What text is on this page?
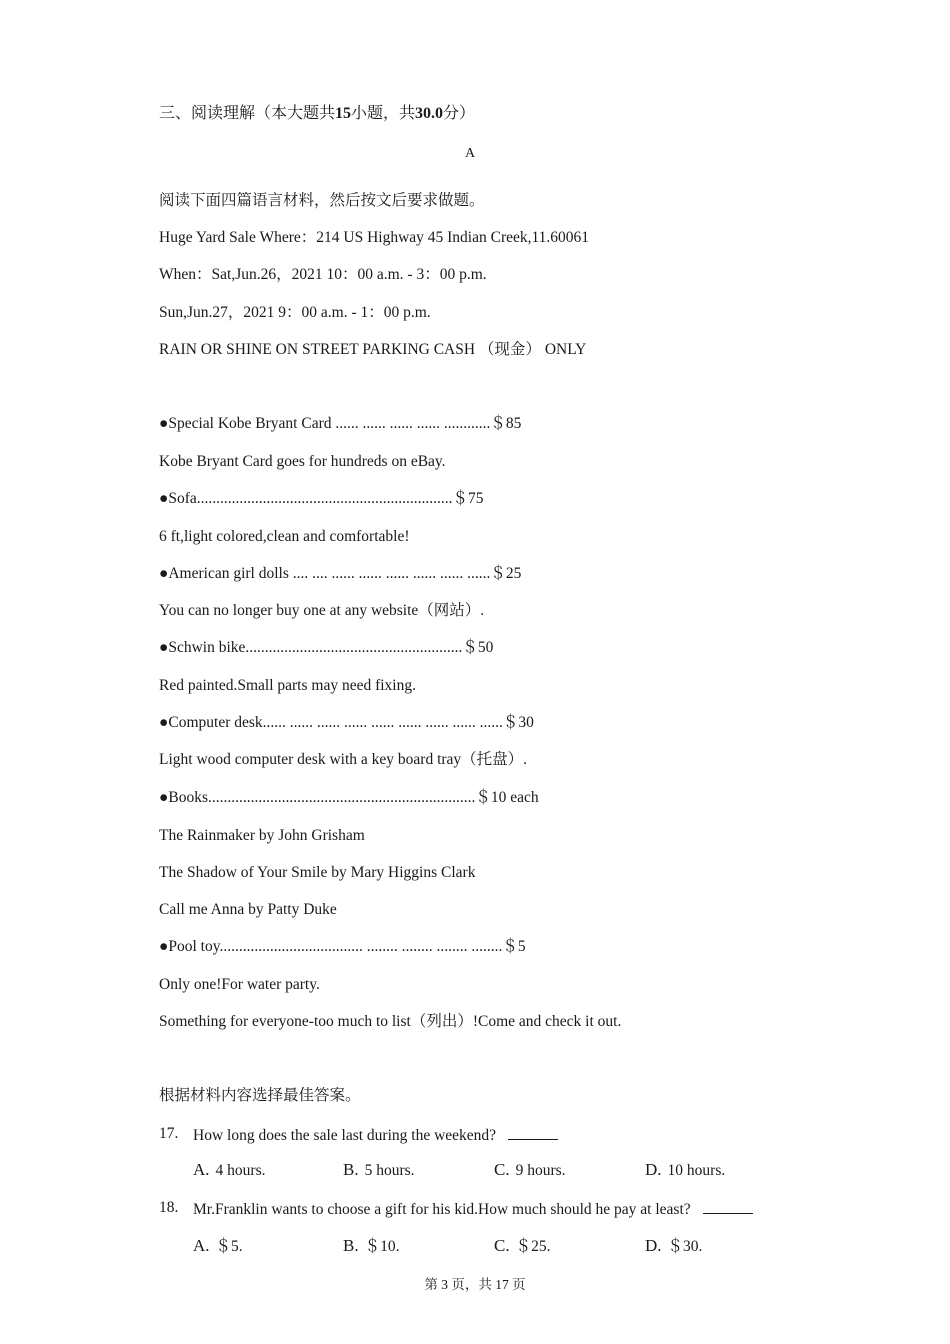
三、阅读理解（本大题共15小题，共30.0分）
A
阅读下面四篇语言材料，然后按文后要求做题。
Huge Yard Sale Where：214 US Highway 45 Indian Creek,11.60061
When：Sat,Jun.26，2021 10：00 a.m. - 3：00 p.m.
Sun,Jun.27，2021 9：00 a.m. - 1：00 p.m.
RAIN OR SHINE ON STREET PARKING CASH （现金） ONLY
●Special Kobe Bryant Card ...... ...... ...... ...... ............＄85
Kobe Bryant Card goes for hundreds on eBay.
●Sofa..................................................................＄75
6 ft,light colored,clean and comfortable!
●American girl dolls .... .... ...... ...... ...... ...... ...... ......＄25
You can no longer buy one at any website（网站）.
●Schwin bike........................................................＄50
Red painted.Small parts may need fixing.
●Computer desk...... ...... ...... ...... ...... ...... ...... ...... ......＄30
Light wood computer desk with a key board tray（托盘）.
●Books.....................................................................＄10 each
The Rainmaker by John Grisham
The Shadow of Your Smile by Mary Higgins Clark
Call me Anna by Patty Duke
●Pool toy..................................... ........ ........ ........ ........＄5
Only one!For water party.
Something for everyone-too much to list（列出）!Come and check it out.
根据材料内容选择最佳答案。
17. How long does the sale last during the weekend?
A. 4 hours.	B. 5 hours.	C. 9 hours.	D. 10 hours.
18. Mr.Franklin wants to choose a gift for his kid.How much should he pay at least?
A. ＄5.	B. ＄10.	C. ＄25.	D. ＄30.
第 3 页，共 17 页
